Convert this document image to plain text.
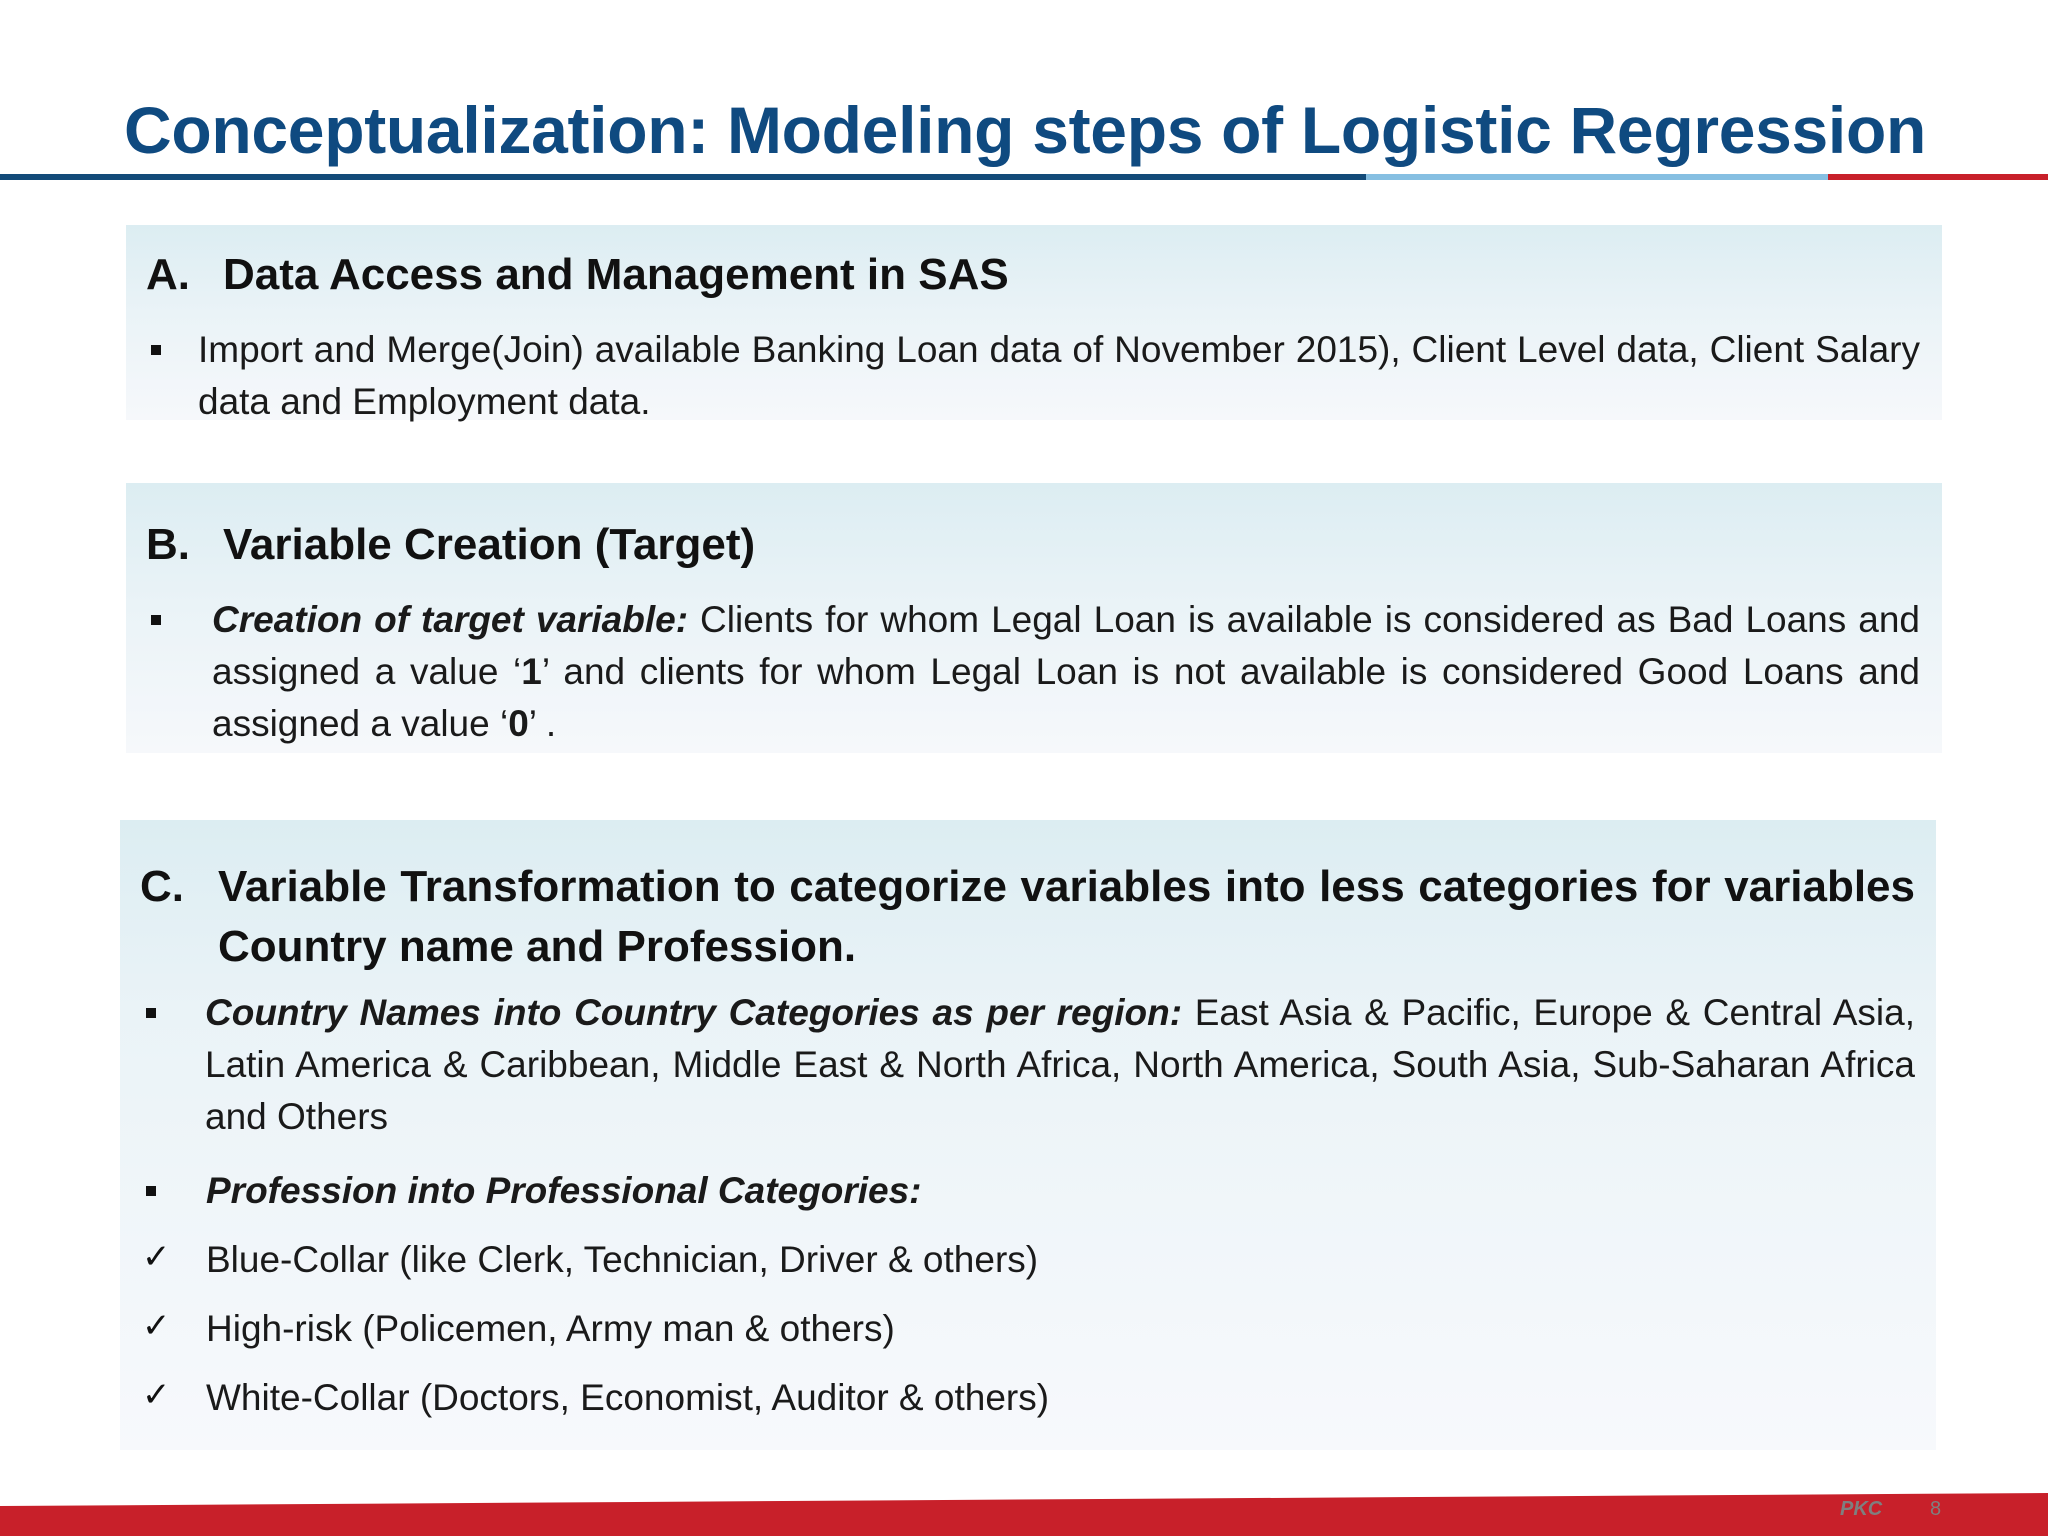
Conceptualization: Modeling steps of Logistic Regression
A. Data Access and Management in SAS
Import and Merge(Join) available Banking Loan data of November 2015), Client Level data, Client Salary data and Employment data.
B. Variable Creation (Target)
Creation of target variable: Clients for whom Legal Loan is available is considered as Bad Loans and assigned a value ‘1’ and clients for whom Legal Loan is not available is considered Good Loans and assigned a value ‘0’ .
C. Variable Transformation to categorize variables into less categories for variables Country name and Profession.
Country Names into Country Categories as per region: East Asia & Pacific, Europe & Central Asia, Latin America & Caribbean, Middle East & North Africa, North America, South Asia, Sub-Saharan Africa and Others
Profession into Professional Categories:
✓ Blue-Collar (like Clerk, Technician, Driver & others)
✓ High-risk (Policemen, Army man & others)
✓ White-Collar (Doctors, Economist, Auditor & others)
PKC 8
